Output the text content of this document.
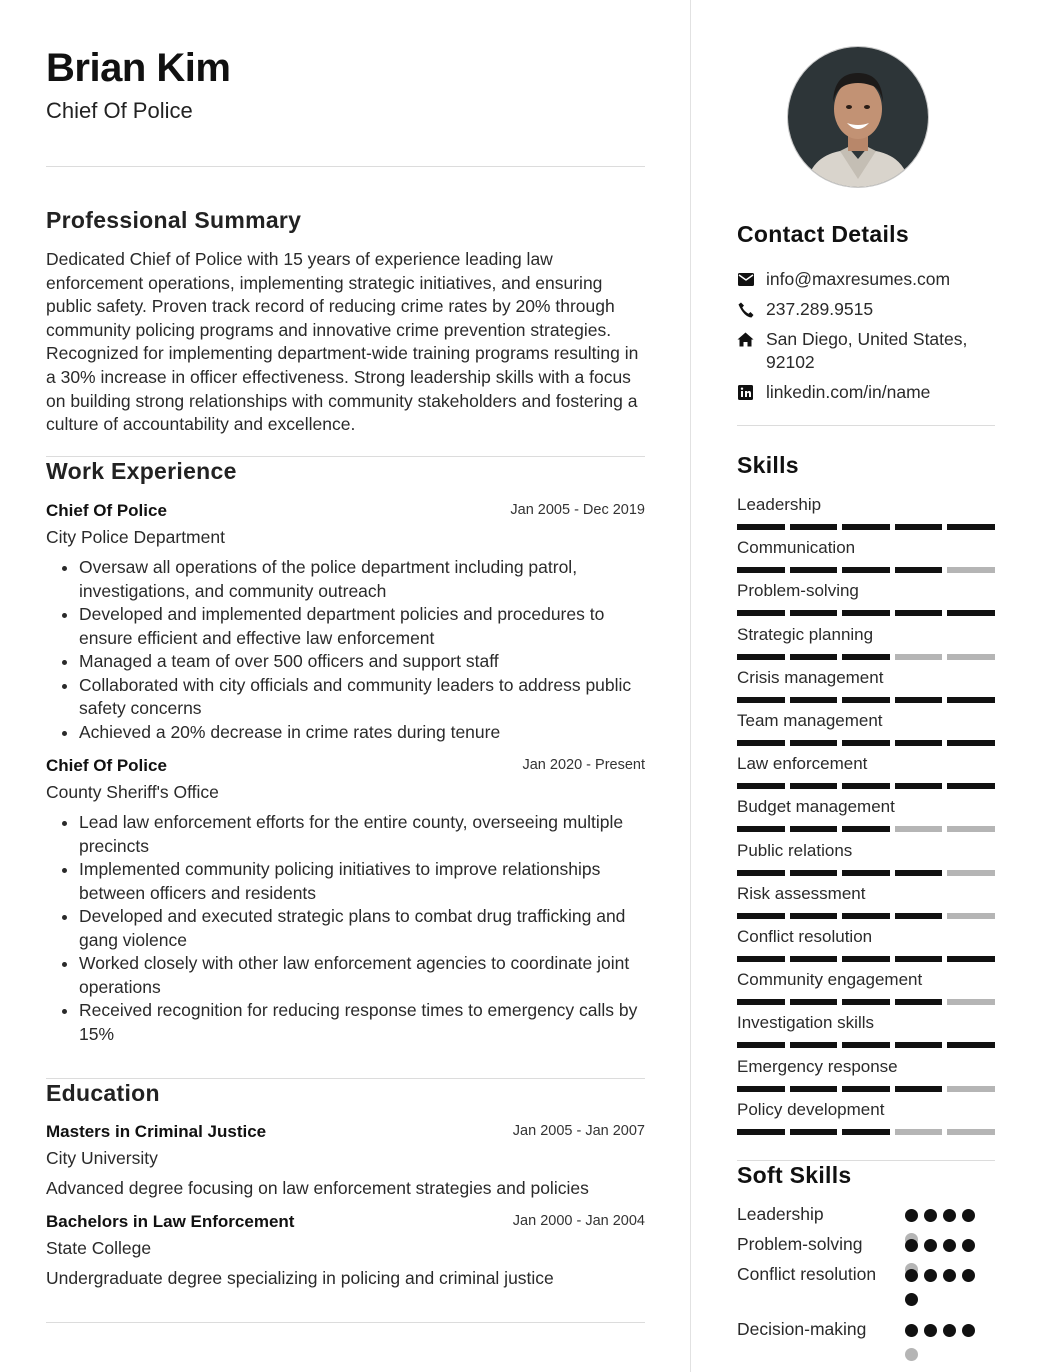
Brian Kim
Chief Of Police
Professional Summary

Dedicated Chief of Police with 15 years of experience leading law enforcement operations, implementing strategic initiatives, and ensuring public safety. Proven track record of reducing crime rates by 20% through community policing programs and innovative crime prevention strategies. Recognized for implementing department-wide training programs resulting in a 30% increase in officer effectiveness. Strong leadership skills with a focus on building strong relationships with community stakeholders and fostering a culture of accountability and excellence.

Work Experience
Chief Of Police	Jan 2005 - Dec 2019
City Police Department
• Oversaw all operations of the police department including patrol, investigations, and community outreach
• Developed and implemented department policies and procedures to ensure efficient and effective law enforcement
• Managed a team of over 500 officers and support staff
• Collaborated with city officials and community leaders to address public safety concerns
• Achieved a 20% decrease in crime rates during tenure
Chief Of Police	Jan 2020 - Present
County Sheriff's Office
• Lead law enforcement efforts for the entire county, overseeing multiple precincts
• Implemented community policing initiatives to improve relationships between officers and residents
• Developed and executed strategic plans to combat drug trafficking and gang violence
• Worked closely with other law enforcement agencies to coordinate joint operations
• Received recognition for reducing response times to emergency calls by 15%
Education
Masters in Criminal Justice	Jan 2005 - Jan 2007
City University
Advanced degree focusing on law enforcement strategies and policies
Bachelors in Law Enforcement	Jan 2000 - Jan 2004
State College
Undergraduate degree specializing in policing and criminal justice
Contact Details
info@maxresumes.com
237.289.9515
San Diego, United States,
92102
linkedin.com/in/name
Skills
Leadership
Communication
Problem-solving
Strategic planning
Crisis management
Team management
Law enforcement
Budget management
Public relations
Risk assessment
Conflict resolution
Community engagement
Investigation skills
Emergency response
Policy development
Soft Skills
Leadership
Problem-solving
Conflict resolution
Decision-making
